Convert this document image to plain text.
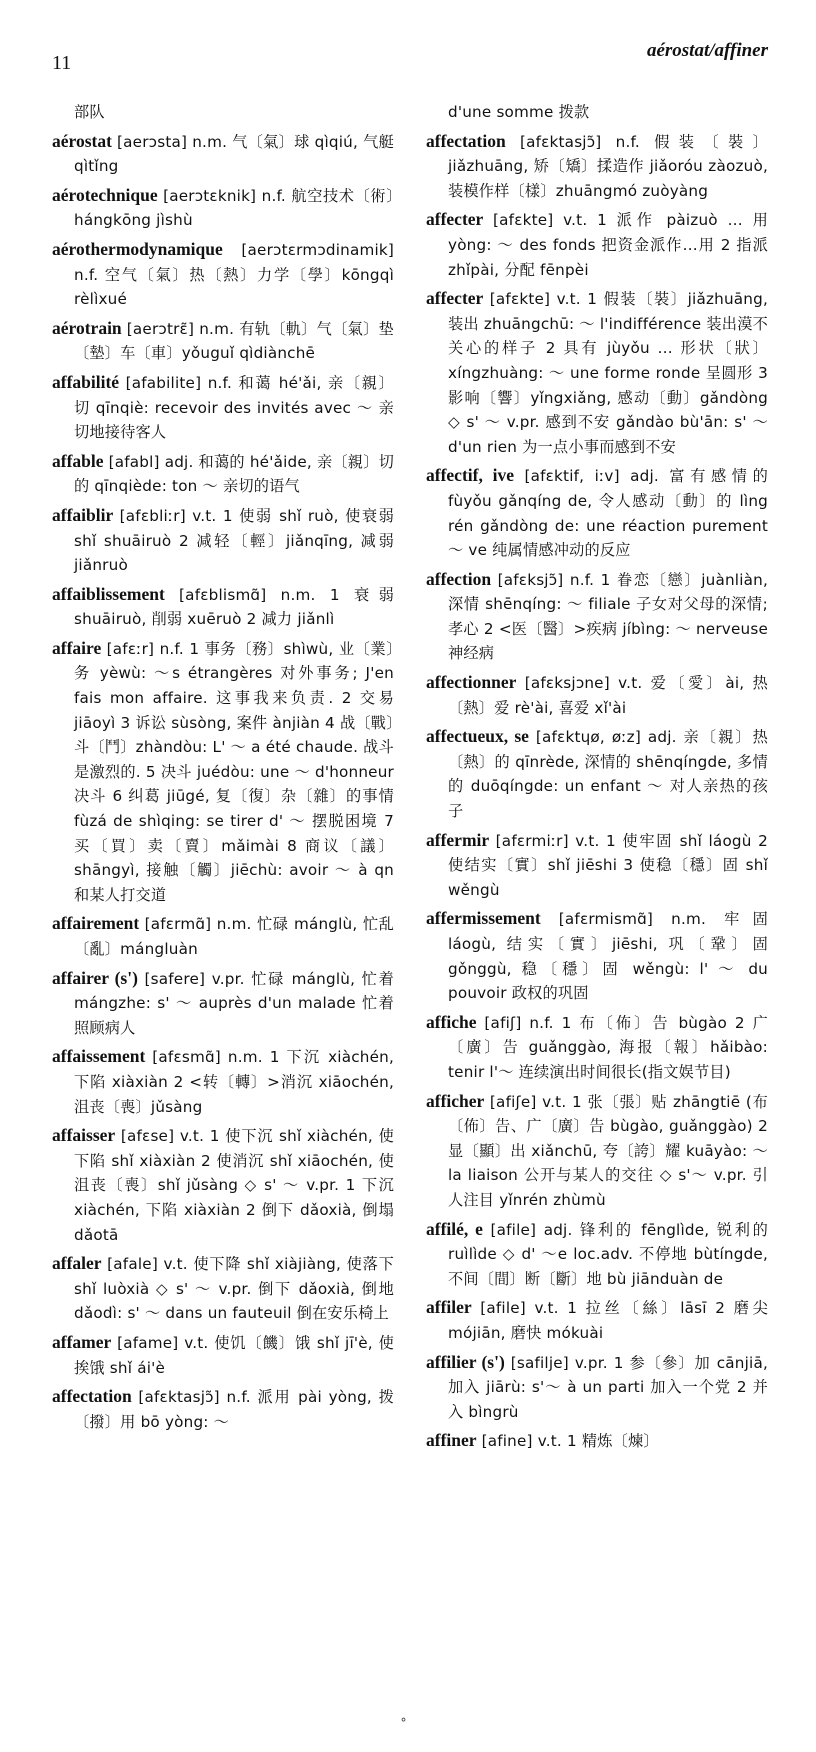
11
aérostat/affiner

部队

aérostat [aerɔsta] n.m. 气〔氣〕球 qìqiú, 气艇 qìtǐng

aérotechnique [aerɔtɛknik] n.f. 航空技术〔術〕hángkōng jìshù

aérothermodynamique [aerɔtɛrmɔdinamik] n.f. 空气〔氣〕热〔熱〕力学〔學〕kōngqì rèlìxué

aérotrain [aerɔtrɛ̃] n.m. 有轨〔軌〕气〔氣〕垫〔墊〕车〔車〕yǒuguǐ qìdiànchē

affabilité [afabilite] n.f. 和蔼 hé'ǎi, 亲〔親〕切 qīnqiè: recevoir des invités avec ～ 亲切地接待客人

affable [afabl] adj. 和蔼的 hé'ǎide, 亲〔親〕切的 qīnqiède: ton ～ 亲切的语气

affaiblir [afɛbliːr] v.t. 1 使弱 shǐ ruò, 使衰弱 shǐ shuāiruò 2 减轻〔輕〕jiǎnqīng, 减弱 jiǎnruò

affaiblissement [afɛblismɑ̃] n.m. 1 衰弱 shuāiruò, 削弱 xuēruò 2 减力 jiǎnlì

affaire [afɛːr] n.f. 1 事务〔務〕shìwù, 业〔業〕务 yèwù: ～s étrangères 对外事务; J'en fais mon affaire. 这事我来负责. 2 交易 jiāoyì 3 诉讼 sùsòng, 案件 ànjiàn 4 战〔戰〕斗〔鬥〕zhàndòu: L' ～ a été chaude. 战斗是激烈的. 5 决斗 juédòu: une ～ d'honneur 决斗 6 纠葛 jiūgé, 复〔復〕杂〔雜〕的事情 fùzá de shìqing: se tirer d' ～ 摆脱困境 7 买〔買〕卖〔賣〕mǎimài 8 商议〔議〕shāngyì, 接触〔觸〕jiēchù: avoir ～ à qn 和某人打交道

affairement [afɛrmɑ̃] n.m. 忙碌 mánglù, 忙乱〔亂〕mángluàn

affairer (s') [safere] v.pr. 忙碌 mánglù, 忙着 mángzhe: s' ～ auprès d'un malade 忙着照顾病人

affaissement [afɛsmɑ̃] n.m. 1 下沉 xiàchén, 下陷 xiàxiàn 2 <转〔轉〕>消沉 xiāochén, 沮丧〔喪〕jǔsàng

affaisser [afɛse] v.t. 1 使下沉 shǐ xiàchén, 使下陷 shǐ xiàxiàn 2 使消沉 shǐ xiāochén, 使沮丧〔喪〕shǐ jǔsàng ◇ s' ～ v.pr. 1 下沉 xiàchén, 下陷 xiàxiàn 2 倒下 dǎoxià, 倒塌 dǎotā

affaler [afale] v.t. 使下降 shǐ xiàjiàng, 使落下 shǐ luòxià ◇ s' ～ v.pr. 倒下 dǎoxià, 倒地 dǎodì: s' ～ dans un fauteuil 倒在安乐椅上

affamer [afame] v.t. 使饥〔饑〕饿 shǐ jī'è, 使挨饿 shǐ ái'è

affectation [afɛktasjɔ̃] n.f. 派用 pài yòng, 拨〔撥〕用 bō yòng: ～

d'une somme 拨款

affectation [afɛktasjɔ̃] n.f. 假装〔裝〕jiǎzhuāng, 矫〔矯〕揉造作 jiǎoróu zàozuò, 装模作样〔樣〕zhuāngmó zuòyàng

affecter [afɛkte] v.t. 1 派作 pàizuò … 用 yòng: ～ des fonds 把资金派作…用 2 指派 zhǐpài, 分配 fēnpèi

affecter [afɛkte] v.t. 1 假装〔裝〕jiǎzhuāng, 装出 zhuāngchū: ～ l'indifférence 装出漠不关心的样子 2 具有 jùyǒu … 形状〔狀〕xíngzhuàng: ～ une forme ronde 呈圆形 3 影响〔響〕yǐngxiǎng, 感动〔動〕gǎndòng ◇ s' ～ v.pr. 感到不安 gǎndào bù'ān: s' ～ d'un rien 为一点小事而感到不安

affectif, ive [afɛktif, iːv] adj. 富有感情的 fùyǒu gǎnqíng de, 令人感动〔動〕的 lìng rén gǎndòng de: une réaction purement ～ ve 纯属情感冲动的反应

affection [afɛksjɔ̃] n.f. 1 眷恋〔戀〕juànliàn, 深情 shēnqíng: ～ filiale 子女对父母的深情; 孝心 2 <医〔醫〕>疾病 jíbìng: ～ nerveuse 神经病

affectionner [afɛksjɔne] v.t. 爱〔愛〕ài, 热〔熱〕爱 rè'ài, 喜爱 xǐ'ài

affectueux, se [afɛktɥø, øːz] adj. 亲〔親〕热〔熱〕的 qīnrède, 深情的 shēnqíngde, 多情的 duōqíngde: un enfant ～ 对人亲热的孩子

affermir [afɛrmiːr] v.t. 1 使牢固 shǐ láogù 2 使结实〔實〕shǐ jiēshi 3 使稳〔穩〕固 shǐ wěngù

affermissement [afɛrmismɑ̃] n.m. 牢固 láogù, 结实〔實〕jiēshi, 巩〔鞏〕固 gǒnggù, 稳〔穩〕固 wěngù: l' ～ du pouvoir 政权的巩固

affiche [afiʃ] n.f. 1 布〔佈〕告 bùgào 2 广〔廣〕告 guǎnggào, 海报〔報〕hǎibào: tenir l'～ 连续演出时间很长(指文娱节目)

afficher [afiʃe] v.t. 1 张〔張〕贴 zhāngtiē (布〔佈〕告、广〔廣〕告 bùgào, guǎnggào) 2 显〔顯〕出 xiǎnchū, 夸〔誇〕耀 kuāyào: ～ la liaison 公开与某人的交往 ◇ s'～ v.pr. 引人注目 yǐnrén zhùmù

affilé, e [afile] adj. 锋利的 fēnglìde, 锐利的 ruìlìde ◇ d' ～e loc.adv. 不停地 bùtíngde, 不间〔間〕断〔斷〕地 bù jiānduàn de

affiler [afile] v.t. 1 拉丝〔絲〕lāsī 2 磨尖 mójiān, 磨快 mókuài

affilier (s') [safilje] v.pr. 1 参〔參〕加 cānjiā, 加入 jiārù: s'～ à un parti 加入一个党 2 并入 bìngrù

affiner [afine] v.t. 1 精炼〔煉〕

˚
